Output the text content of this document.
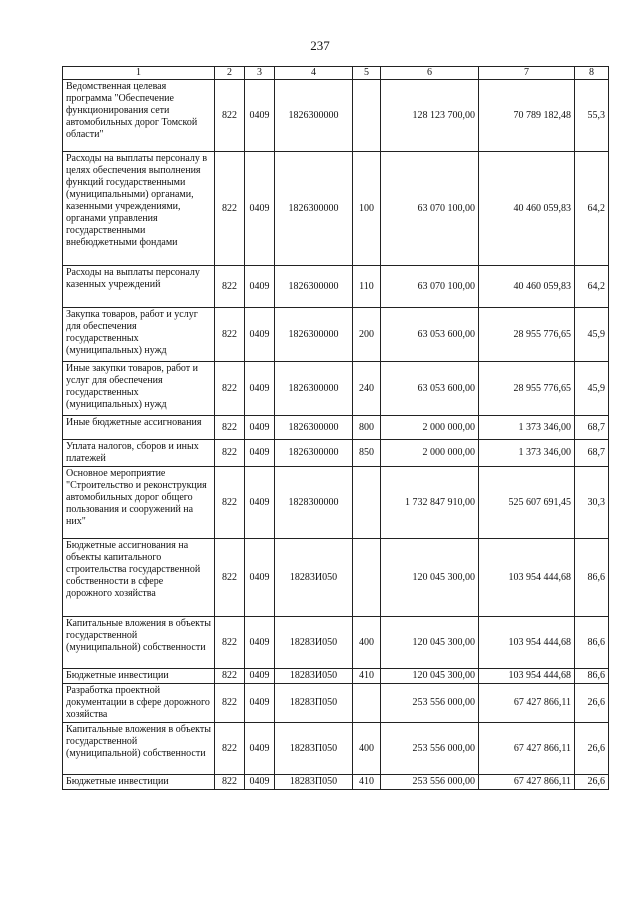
237
1	2	3	4	5	6	7	8
Ведомственная целевая программа "Обеспечение функционирования сети автомобильных дорог Томской области"	822	0409	1826300000		128 123 700,00	70 789 182,48	55,3
Расходы на выплаты персоналу в целях обеспечения выполнения функций государственными (муниципальными) органами, казенными учреждениями, органами управления государственными внебюджетными фондами	822	0409	1826300000	100	63 070 100,00	40 460 059,83	64,2
Расходы на выплаты персоналу казенных учреждений	822	0409	1826300000	110	63 070 100,00	40 460 059,83	64,2
Закупка товаров, работ и услуг для обеспечения государственных (муниципальных) нужд	822	0409	1826300000	200	63 053 600,00	28 955 776,65	45,9
Иные закупки товаров, работ и услуг для обеспечения государственных (муниципальных) нужд	822	0409	1826300000	240	63 053 600,00	28 955 776,65	45,9
Иные бюджетные ассигнования	822	0409	1826300000	800	2 000 000,00	1 373 346,00	68,7
Уплата налогов, сборов и иных платежей	822	0409	1826300000	850	2 000 000,00	1 373 346,00	68,7
Основное мероприятие "Строительство и реконструкция автомобильных дорог общего пользования и сооружений на них"	822	0409	1828300000		1 732 847 910,00	525 607 691,45	30,3
Бюджетные ассигнования на объекты капитального строительства государственной собственности в сфере дорожного хозяйства	822	0409	18283И050		120 045 300,00	103 954 444,68	86,6
Капитальные вложения в объекты государственной (муниципальной) собственности	822	0409	18283И050	400	120 045 300,00	103 954 444,68	86,6
Бюджетные инвестиции	822	0409	18283И050	410	120 045 300,00	103 954 444,68	86,6
Разработка проектной документации в сфере дорожного хозяйства	822	0409	18283П050		253 556 000,00	67 427 866,11	26,6
Капитальные вложения в объекты государственной (муниципальной) собственности	822	0409	18283П050	400	253 556 000,00	67 427 866,11	26,6
Бюджетные инвестиции	822	0409	18283П050	410	253 556 000,00	67 427 866,11	26,6
